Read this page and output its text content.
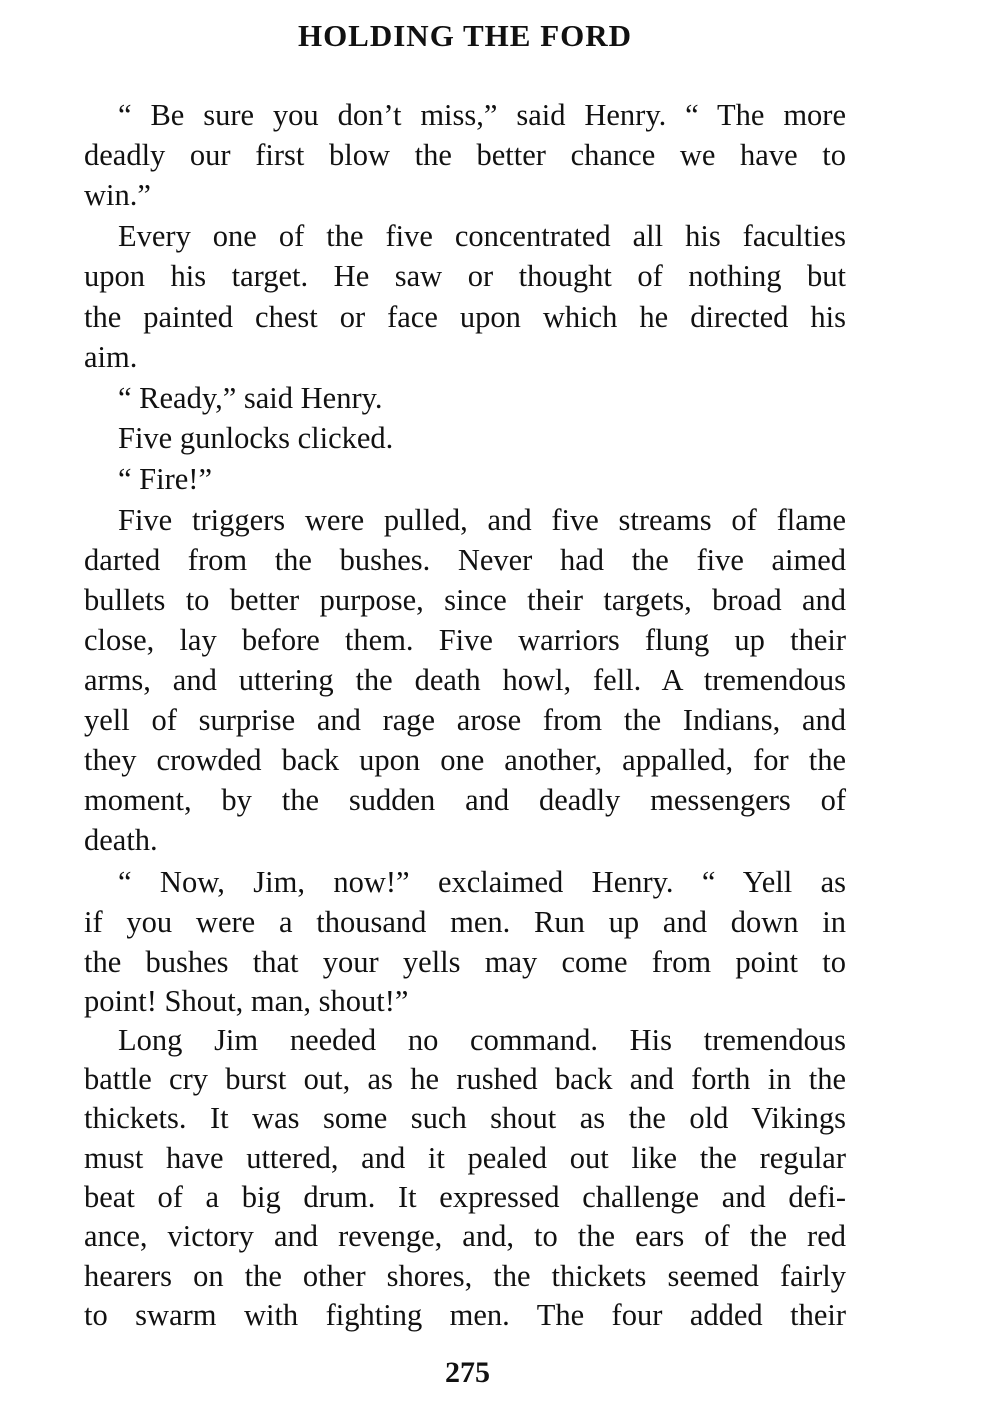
HOLDING THE FORD
“ Be sure you don’t miss,” said Henry. “ The more
deadly our first blow the better chance we have to
win.”
Every one of the five concentrated all his faculties
upon his target. He saw or thought of nothing but
the painted chest or face upon which he directed his
aim.
“ Ready,” said Henry.
Five gunlocks clicked.
“ Fire!”
Five triggers were pulled, and five streams of flame
darted from the bushes. Never had the five aimed
bullets to better purpose, since their targets, broad and
close, lay before them. Five warriors flung up their
arms, and uttering the death howl, fell. A tremendous
yell of surprise and rage arose from the Indians, and
they crowded back upon one another, appalled, for the
moment, by the sudden and deadly messengers of
death.
“ Now, Jim, now!” exclaimed Henry. “ Yell as
if you were a thousand men. Run up and down in
the bushes that your yells may come from point to
point! Shout, man, shout!”
Long Jim needed no command. His tremendous
battle cry burst out, as he rushed back and forth in the
thickets. It was some such shout as the old Vikings
must have uttered, and it pealed out like the regular
beat of a big drum. It expressed challenge and defi-
ance, victory and revenge, and, to the ears of the red
hearers on the other shores, the thickets seemed fairly
to swarm with fighting men. The four added their
275
